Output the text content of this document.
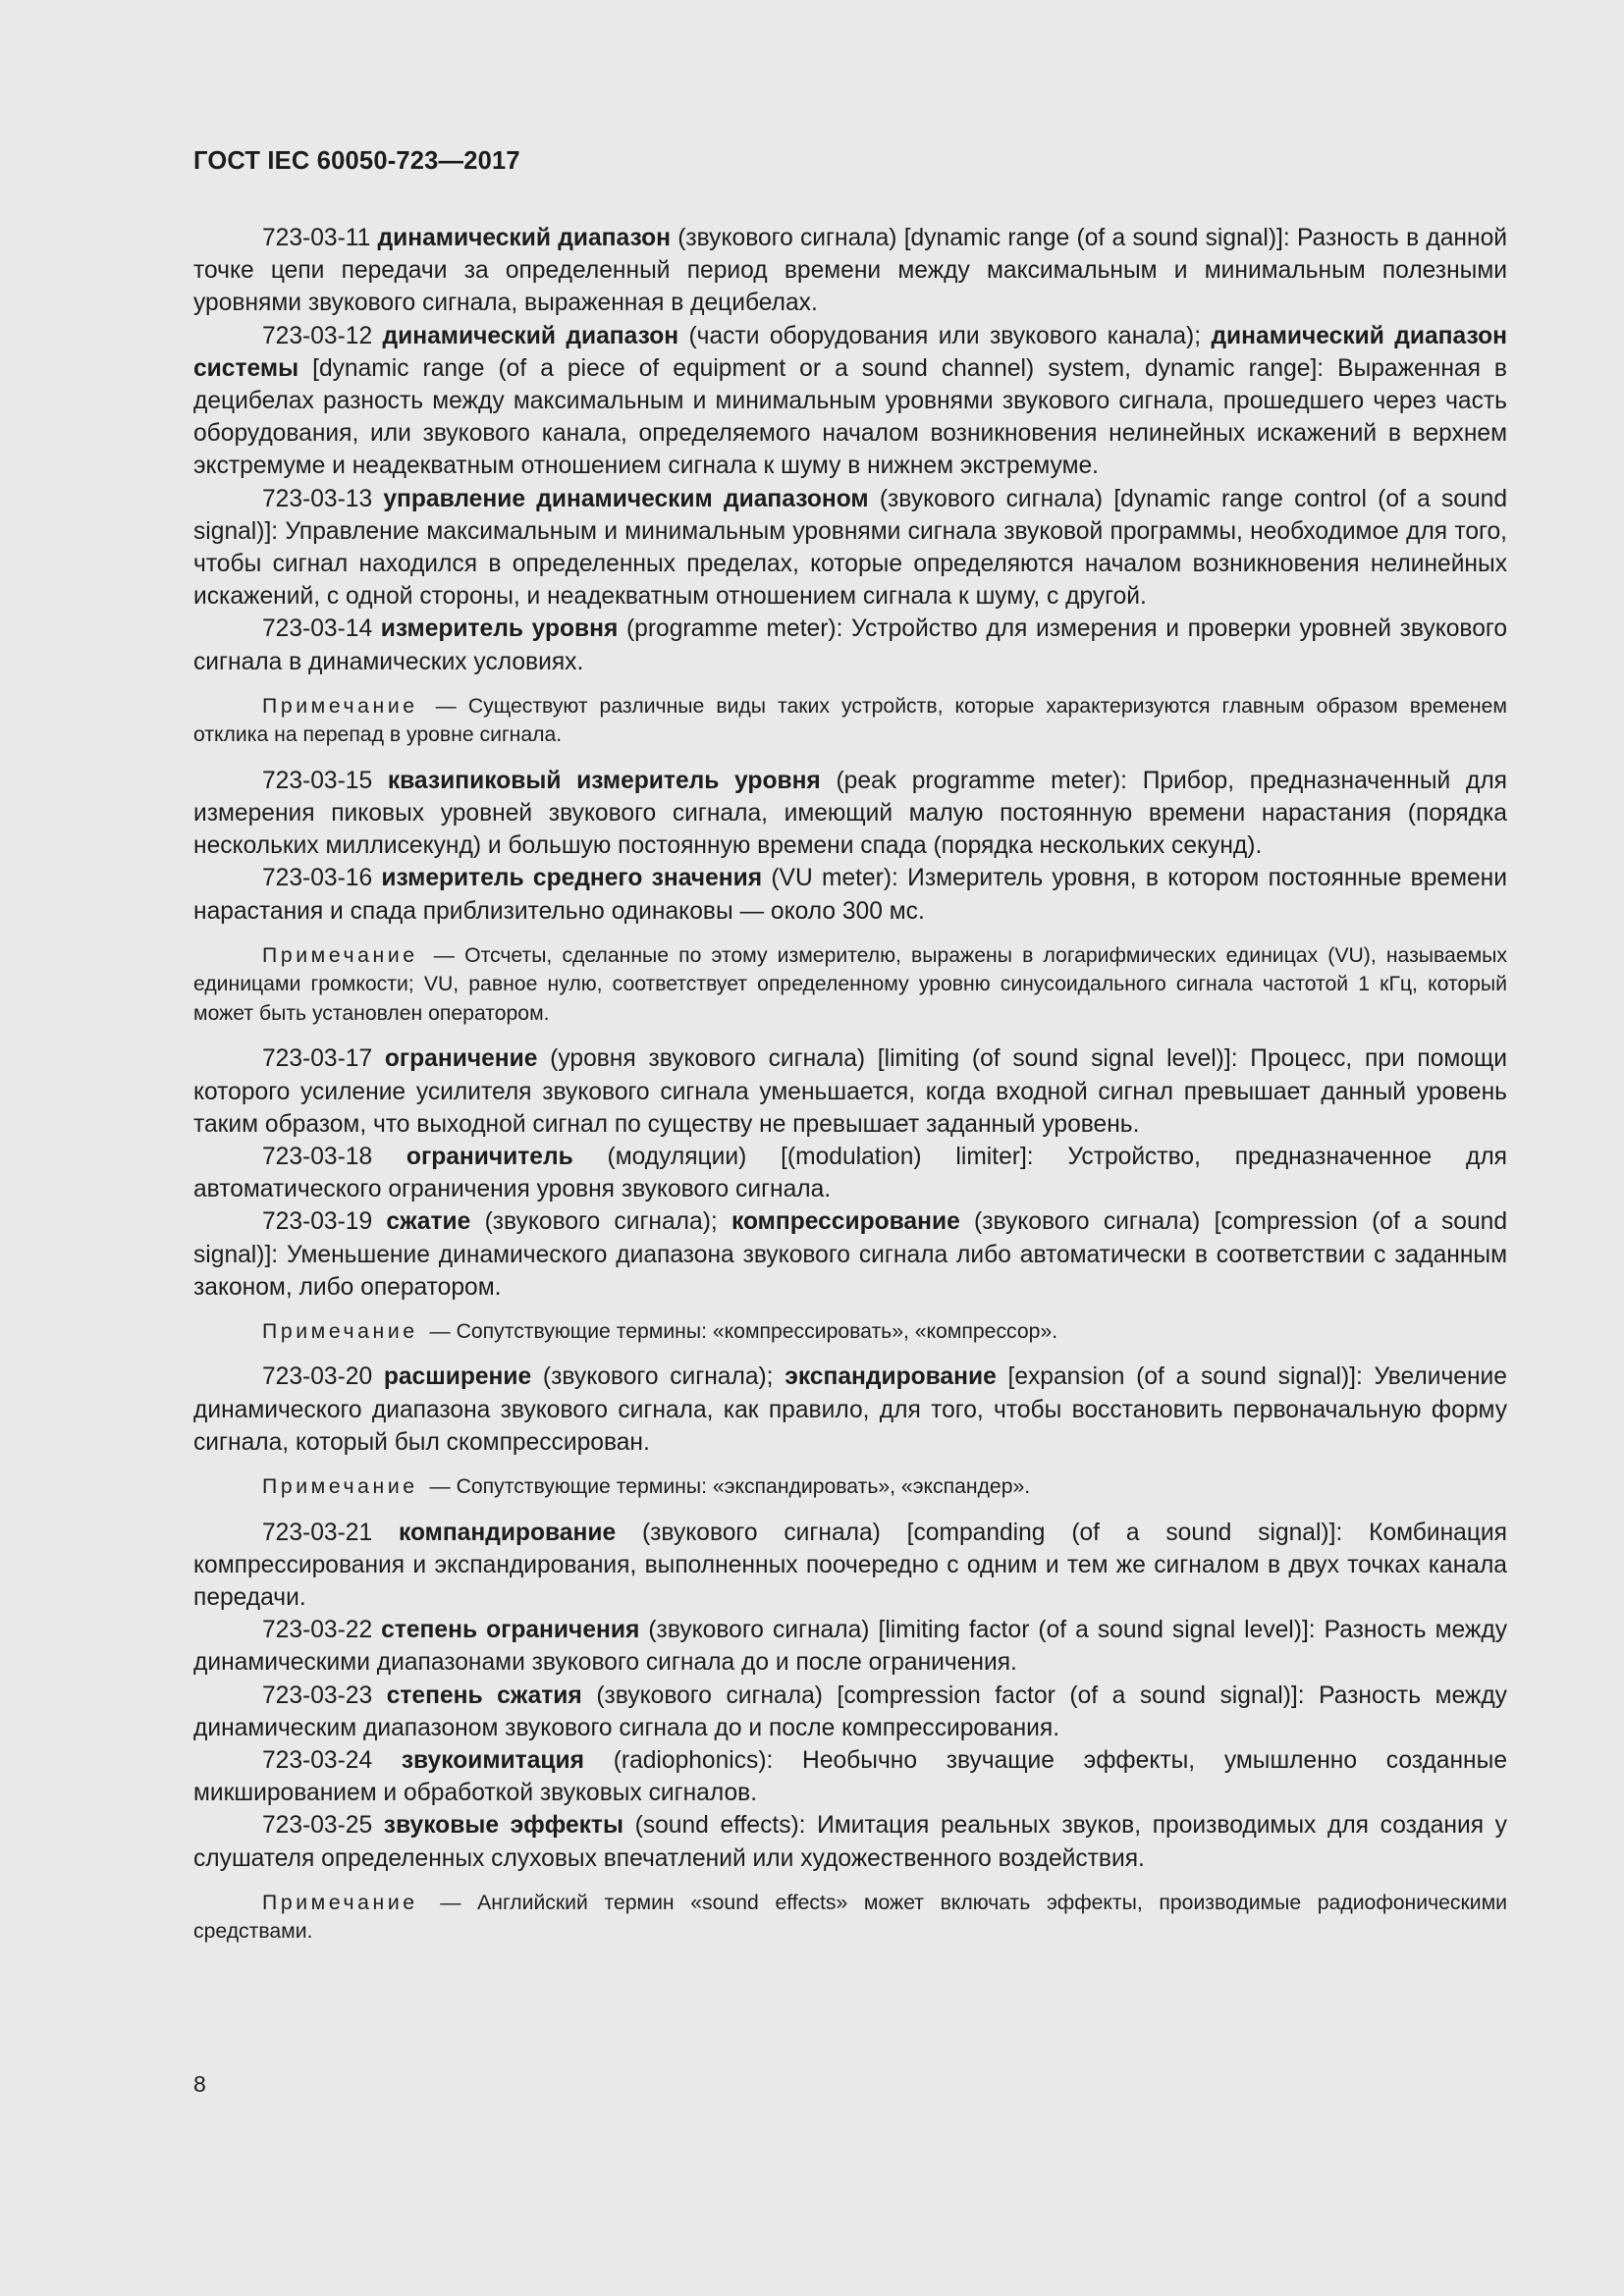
ГОСТ IEC 60050-723—2017

723-03-11 динамический диапазон (звукового сигнала) [dynamic range (of a sound signal)]: Разность в данной точке цепи передачи за определенный период времени между максимальным и минимальным полезными уровнями звукового сигнала, выраженная в децибелах.

723-03-12 динамический диапазон (части оборудования или звукового канала); динамический диапазон системы [dynamic range (of a piece of equipment or a sound channel) system, dynamic range]: Выраженная в децибелах разность между максимальным и минимальным уровнями звукового сигнала, прошедшего через часть оборудования, или звукового канала, определяемого началом возникновения нелинейных искажений в верхнем экстремуме и неадекватным отношением сигнала к шуму в нижнем экстремуме.

723-03-13 управление динамическим диапазоном (звукового сигнала) [dynamic range control (of a sound signal)]: Управление максимальным и минимальным уровнями сигнала звуковой программы, необходимое для того, чтобы сигнал находился в определенных пределах, которые определяются началом возникновения нелинейных искажений, с одной стороны, и неадекватным отношением сигнала к шуму, с другой.

723-03-14 измеритель уровня (programme meter): Устройство для измерения и проверки уровней звукового сигнала в динамических условиях.

Примечание — Существуют различные виды таких устройств, которые характеризуются главным образом временем отклика на перепад в уровне сигнала.

723-03-15 квазипиковый измеритель уровня (peak programme meter): Прибор, предназначенный для измерения пиковых уровней звукового сигнала, имеющий малую постоянную времени нарастания (порядка нескольких миллисекунд) и большую постоянную времени спада (порядка нескольких секунд).

723-03-16 измеритель среднего значения (VU meter): Измеритель уровня, в котором постоянные времени нарастания и спада приблизительно одинаковы — около 300 мс.

Примечание — Отсчеты, сделанные по этому измерителю, выражены в логарифмических единицах (VU), называемых единицами громкости; VU, равное нулю, соответствует определенному уровню синусоидального сигнала частотой 1 кГц, который может быть установлен оператором.

723-03-17 ограничение (уровня звукового сигнала) [limiting (of sound signal level)]: Процесс, при помощи которого усиление усилителя звукового сигнала уменьшается, когда входной сигнал превышает данный уровень таким образом, что выходной сигнал по существу не превышает заданный уровень.

723-03-18 ограничитель (модуляции) [(modulation) limiter]: Устройство, предназначенное для автоматического ограничения уровня звукового сигнала.

723-03-19 сжатие (звукового сигнала); компрессирование (звукового сигнала) [compression (of a sound signal)]: Уменьшение динамического диапазона звукового сигнала либо автоматически в соответствии с заданным законом, либо оператором.

Примечание — Сопутствующие термины: «компрессировать», «компрессор».

723-03-20 расширение (звукового сигнала); экспандирование [expansion (of a sound signal)]: Увеличение динамического диапазона звукового сигнала, как правило, для того, чтобы восстановить первоначальную форму сигнала, который был скомпрессирован.

Примечание — Сопутствующие термины: «экспандировать», «экспандер».

723-03-21 компандирование (звукового сигнала) [companding (of a sound signal)]: Комбинация компрессирования и экспандирования, выполненных поочередно с одним и тем же сигналом в двух точках канала передачи.

723-03-22 степень ограничения (звукового сигнала) [limiting factor (of a sound signal level)]: Разность между динамическими диапазонами звукового сигнала до и после ограничения.

723-03-23 степень сжатия (звукового сигнала) [compression factor (of a sound signal)]: Разность между динамическим диапазоном звукового сигнала до и после компрессирования.

723-03-24 звукоимитация (radiophonics): Необычно звучащие эффекты, умышленно созданные микшированием и обработкой звуковых сигналов.

723-03-25 звуковые эффекты (sound effects): Имитация реальных звуков, производимых для создания у слушателя определенных слуховых впечатлений или художественного воздействия.

Примечание — Английский термин «sound effects» может включать эффекты, производимые радиофоническими средствами.

8
